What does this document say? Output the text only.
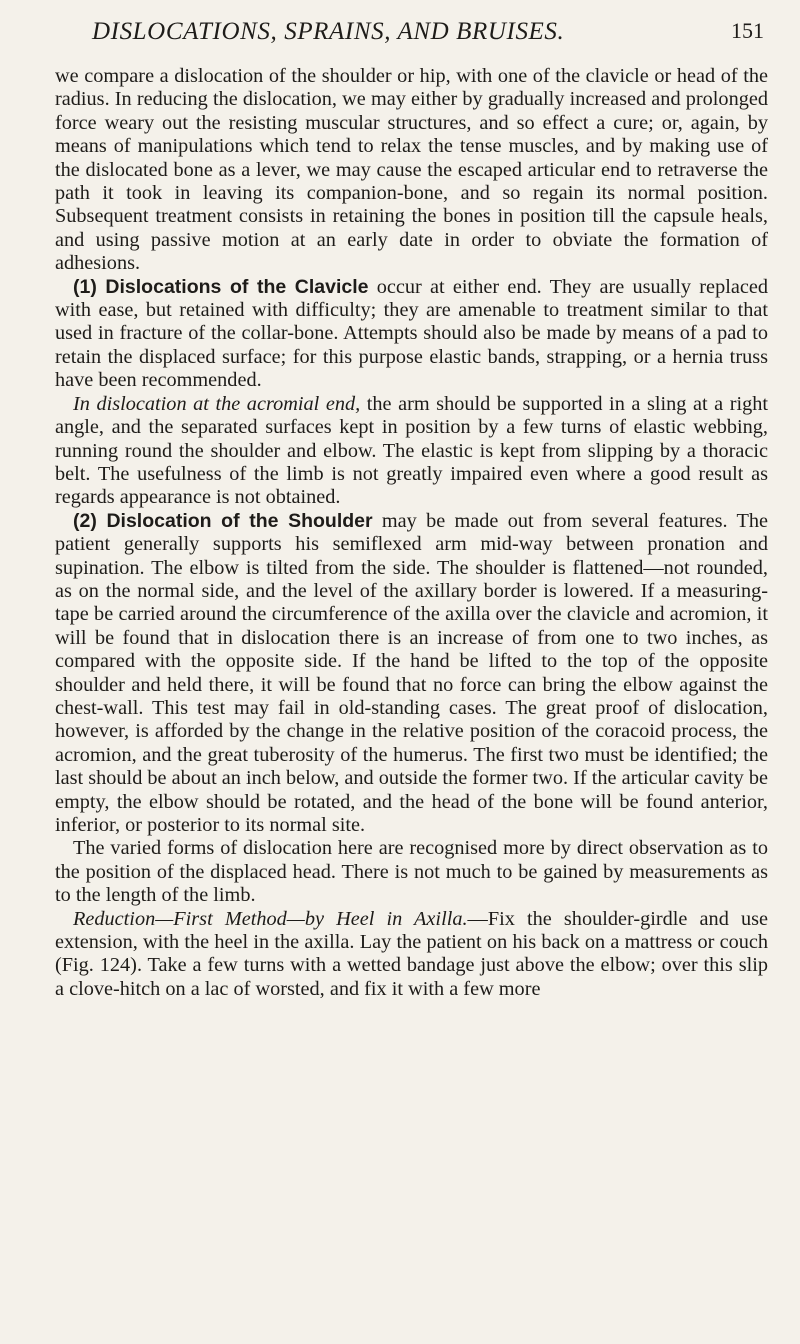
DISLOCATIONS, SPRAINS, AND BRUISES.	151

we compare a dislocation of the shoulder or hip, with one of the clavicle or head of the radius. In reducing the dislocation, we may either by gradually increased and prolonged force weary out the resisting muscular structures, and so effect a cure; or, again, by means of manipulations which tend to relax the tense muscles, and by making use of the dislocated bone as a lever, we may cause the escaped articular end to retraverse the path it took in leaving its companion-bone, and so regain its normal position. Subsequent treatment consists in retaining the bones in position till the capsule heals, and using passive motion at an early date in order to obviate the formation of adhesions.

(1) Dislocations of the Clavicle occur at either end. They are usually replaced with ease, but retained with difficulty; they are amenable to treatment similar to that used in fracture of the collar-bone. Attempts should also be made by means of a pad to retain the displaced surface; for this purpose elastic bands, strapping, or a hernia truss have been recommended.

In dislocation at the acromial end, the arm should be supported in a sling at a right angle, and the separated surfaces kept in position by a few turns of elastic webbing, running round the shoulder and elbow. The elastic is kept from slipping by a thoracic belt. The usefulness of the limb is not greatly impaired even where a good result as regards appearance is not obtained.

(2) Dislocation of the Shoulder may be made out from several features. The patient generally supports his semiflexed arm mid-way between pronation and supination. The elbow is tilted from the side. The shoulder is flattened—not rounded, as on the normal side, and the level of the axillary border is lowered. If a measuring-tape be carried around the circumference of the axilla over the clavicle and acromion, it will be found that in dislocation there is an increase of from one to two inches, as compared with the opposite side. If the hand be lifted to the top of the opposite shoulder and held there, it will be found that no force can bring the elbow against the chest-wall. This test may fail in old-standing cases. The great proof of dislocation, however, is afforded by the change in the relative position of the coracoid process, the acromion, and the great tuberosity of the humerus. The first two must be identified; the last should be about an inch below, and outside the former two. If the articular cavity be empty, the elbow should be rotated, and the head of the bone will be found anterior, inferior, or posterior to its normal site.

The varied forms of dislocation here are recognised more by direct observation as to the position of the displaced head. There is not much to be gained by measurements as to the length of the limb.

Reduction—First Method—by Heel in Axilla.—Fix the shoulder-girdle and use extension, with the heel in the axilla. Lay the patient on his back on a mattress or couch (Fig. 124). Take a few turns with a wetted bandage just above the elbow; over this slip a clove-hitch on a lac of worsted, and fix it with a few more
